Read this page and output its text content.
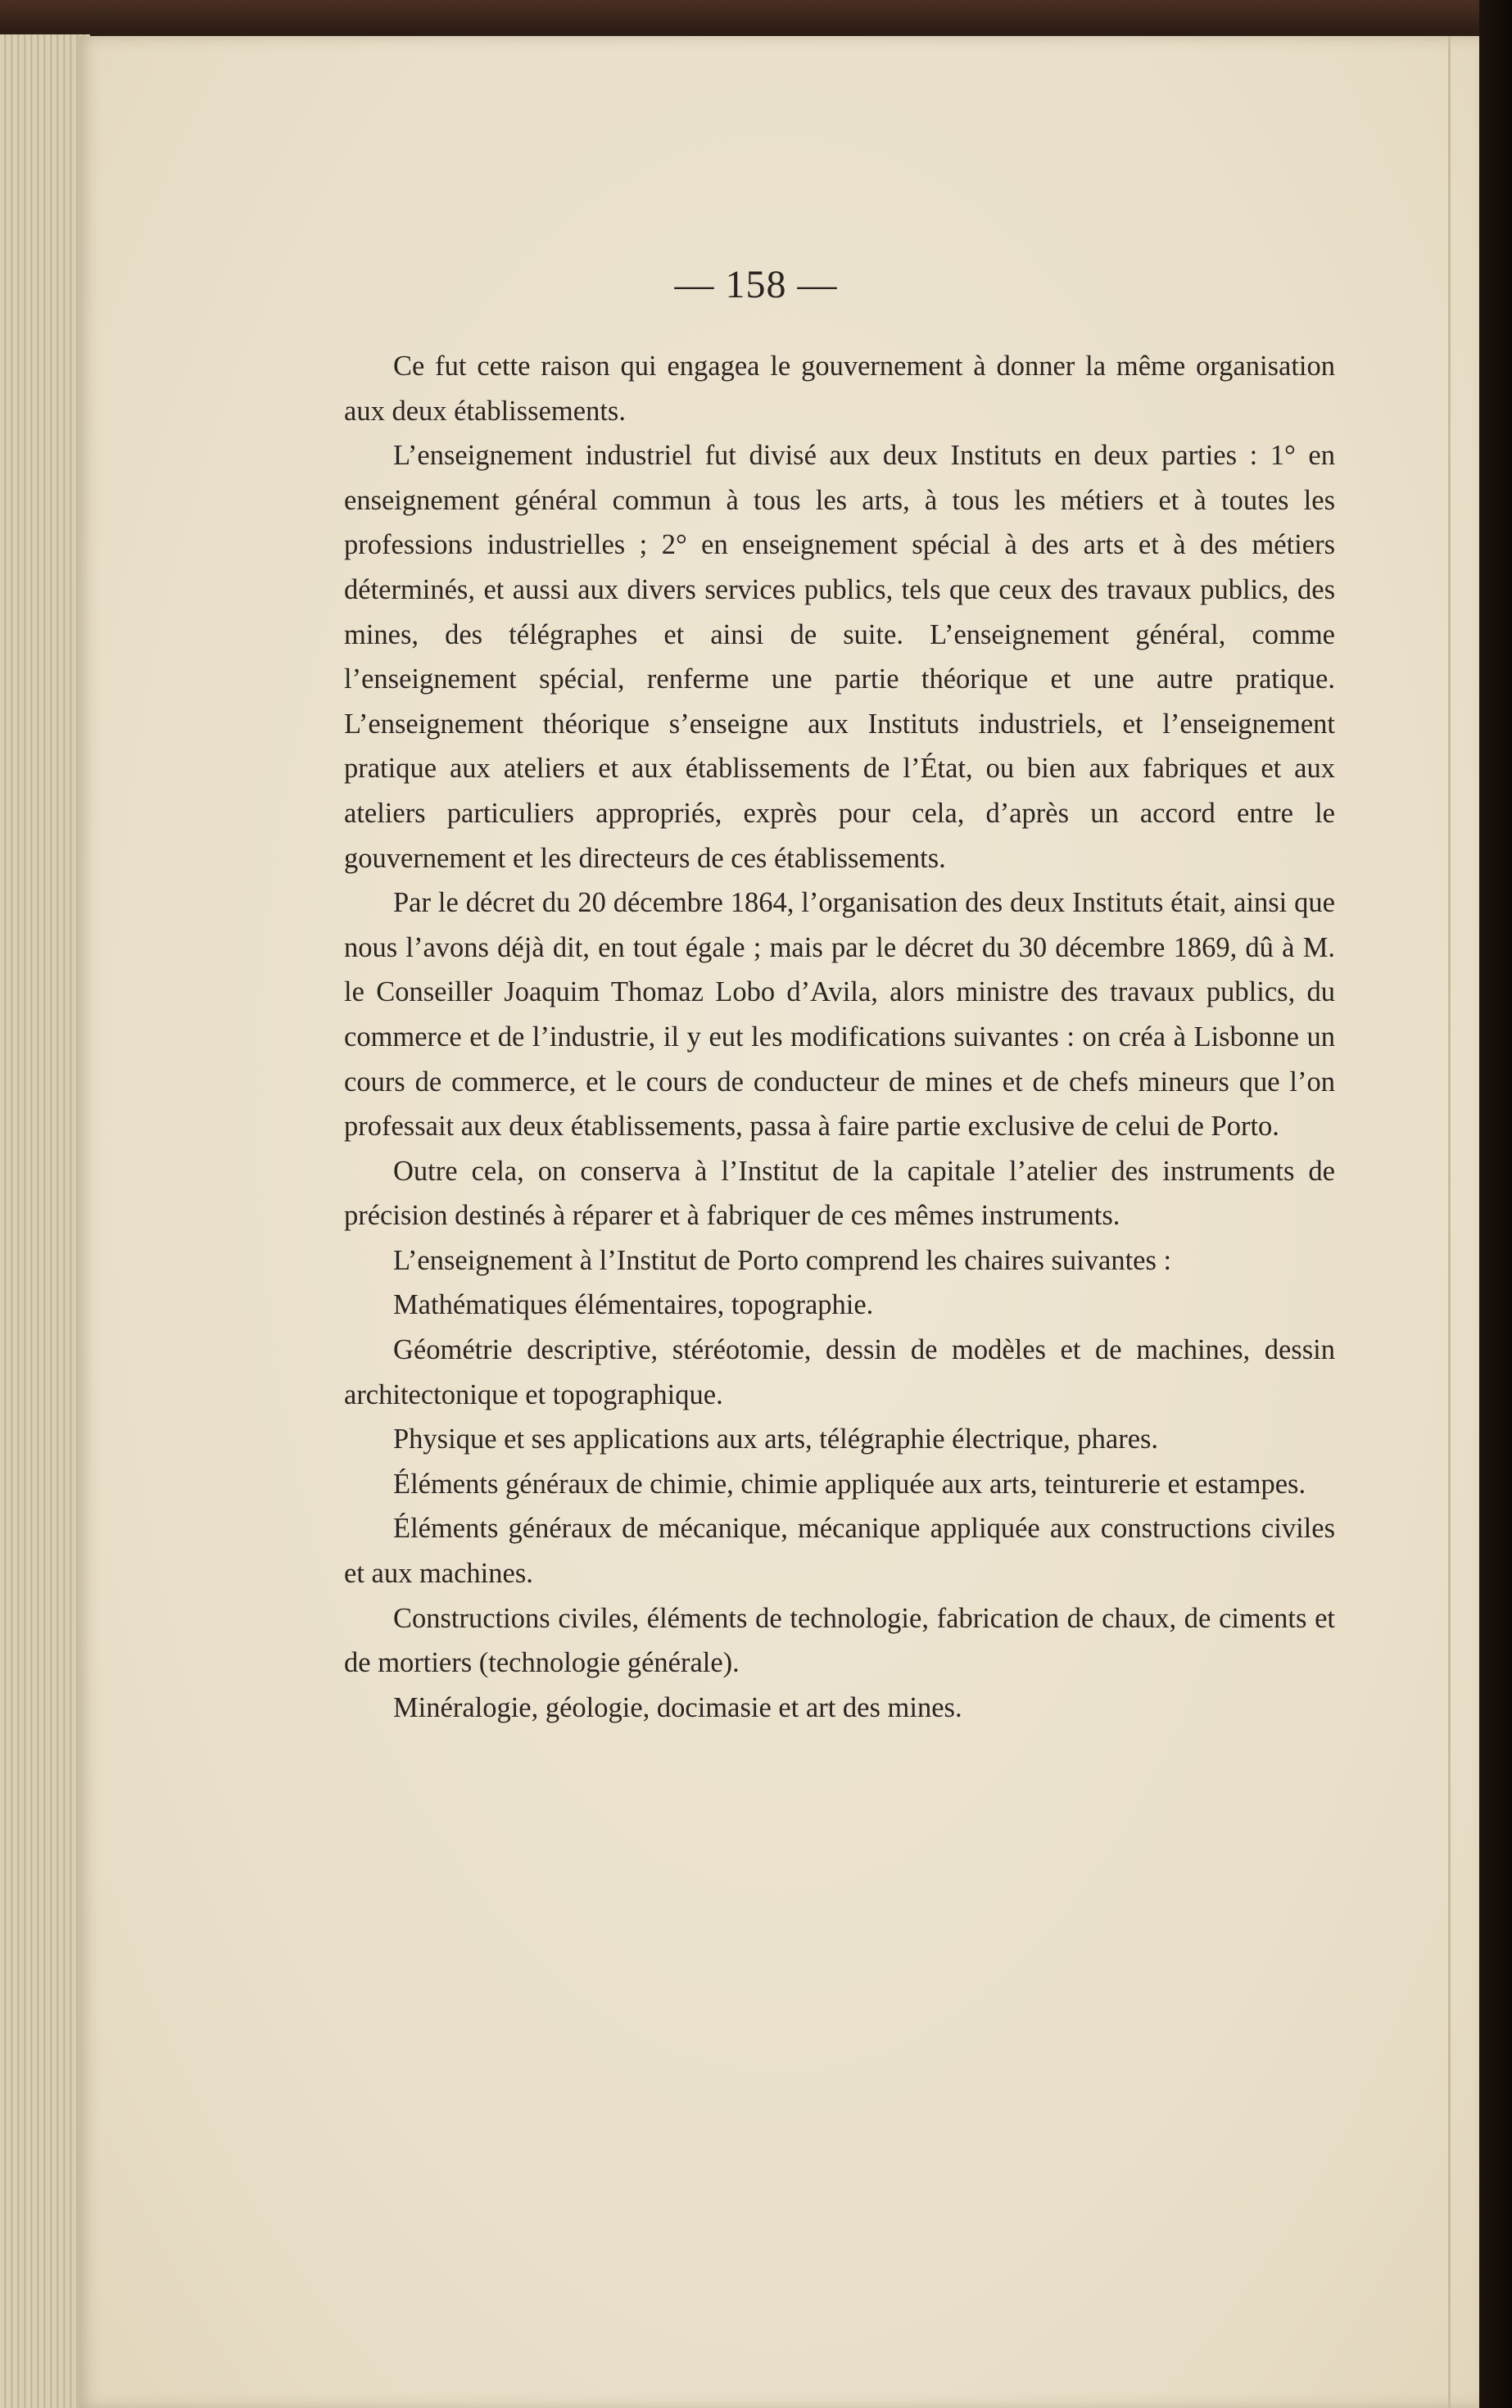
— 158 —

Ce fut cette raison qui engagea le gouvernement à donner la même organisation aux deux établissements.

L’enseignement industriel fut divisé aux deux Instituts en deux parties : 1° en enseignement général commun à tous les arts, à tous les métiers et à toutes les professions industrielles ; 2° en enseignement spécial à des arts et à des métiers déterminés, et aussi aux divers services publics, tels que ceux des travaux publics, des mines, des télégraphes et ainsi de suite. L’enseignement général, comme l’enseignement spécial, renferme une partie théorique et une autre pratique. L’enseignement théorique s’enseigne aux Instituts industriels, et l’enseignement pratique aux ateliers et aux établissements de l’État, ou bien aux fabriques et aux ateliers particuliers appropriés, exprès pour cela, d’après un accord entre le gouvernement et les directeurs de ces établissements.

Par le décret du 20 décembre 1864, l’organisation des deux Instituts était, ainsi que nous l’avons déjà dit, en tout égale ; mais par le décret du 30 décembre 1869, dû à M. le Conseiller Joaquim Thomaz Lobo d’Avila, alors ministre des travaux publics, du commerce et de l’industrie, il y eut les modifications suivantes : on créa à Lisbonne un cours de commerce, et le cours de conducteur de mines et de chefs mineurs que l’on professait aux deux établissements, passa à faire partie exclusive de celui de Porto.

Outre cela, on conserva à l’Institut de la capitale l’atelier des instruments de précision destinés à réparer et à fabriquer de ces mêmes instruments.

L’enseignement à l’Institut de Porto comprend les chaires suivantes :

Mathématiques élémentaires, topographie.

Géométrie descriptive, stéréotomie, dessin de modèles et de machines, dessin architectonique et topographique.

Physique et ses applications aux arts, télégraphie électrique, phares.

Éléments généraux de chimie, chimie appliquée aux arts, teinturerie et estampes.

Éléments généraux de mécanique, mécanique appliquée aux constructions civiles et aux machines.

Constructions civiles, éléments de technologie, fabrication de chaux, de ciments et de mortiers (technologie générale).

Minéralogie, géologie, docimasie et art des mines.
